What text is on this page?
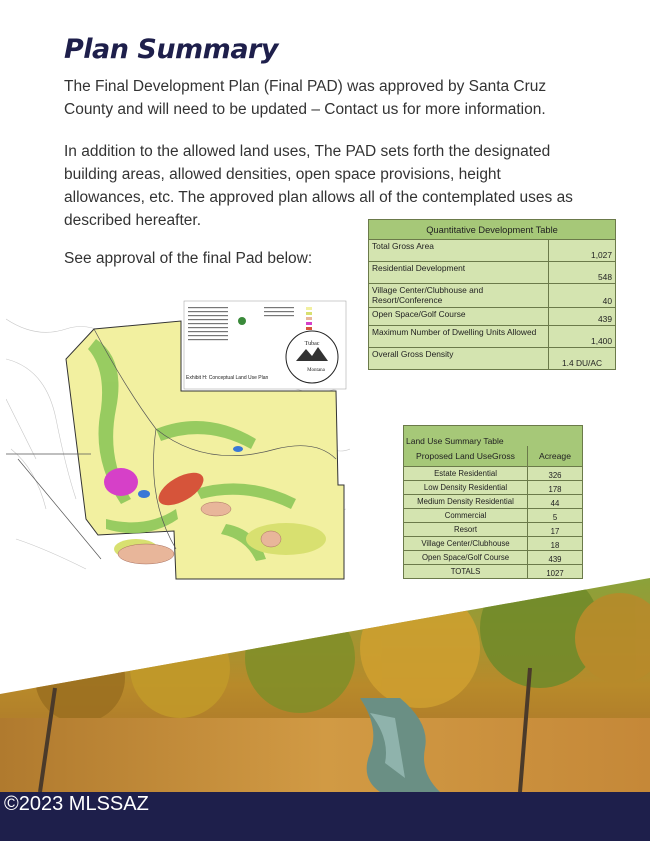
Plan Summary

The Final Development Plan (Final PAD) was approved by Santa Cruz County and will need to be updated – Contact us for more information.

In addition to the allowed land uses, The PAD sets forth the designated building areas, allowed densities, open space provisions, height allowances, etc. The approved plan allows all of the contemplated uses as described hereafter.

See approval of the final Pad below:

Quantitative Development Table	
Total Gross Area	1,027
Residential Development	548
Village Center/Clubhouse and Resort/Conference	40
Open Space/Golf Course	439
Maximum Number of Dwelling Units Allowed	1,400
Overall Gross Density	1.4 DU/AC
Land Use Summary Table	
Proposed Land UseGross	Acreage
Estate Residential	326
Low Density Residential	178
Medium Density Residential	44
Commercial	5
Resort	17
Village Center/Clubhouse	18
Open Space/Golf Course	439
TOTALS	1027
Exhibit H: Conceptual Land Use Plan
Tubac
Montana
©2023 MLSSAZ
